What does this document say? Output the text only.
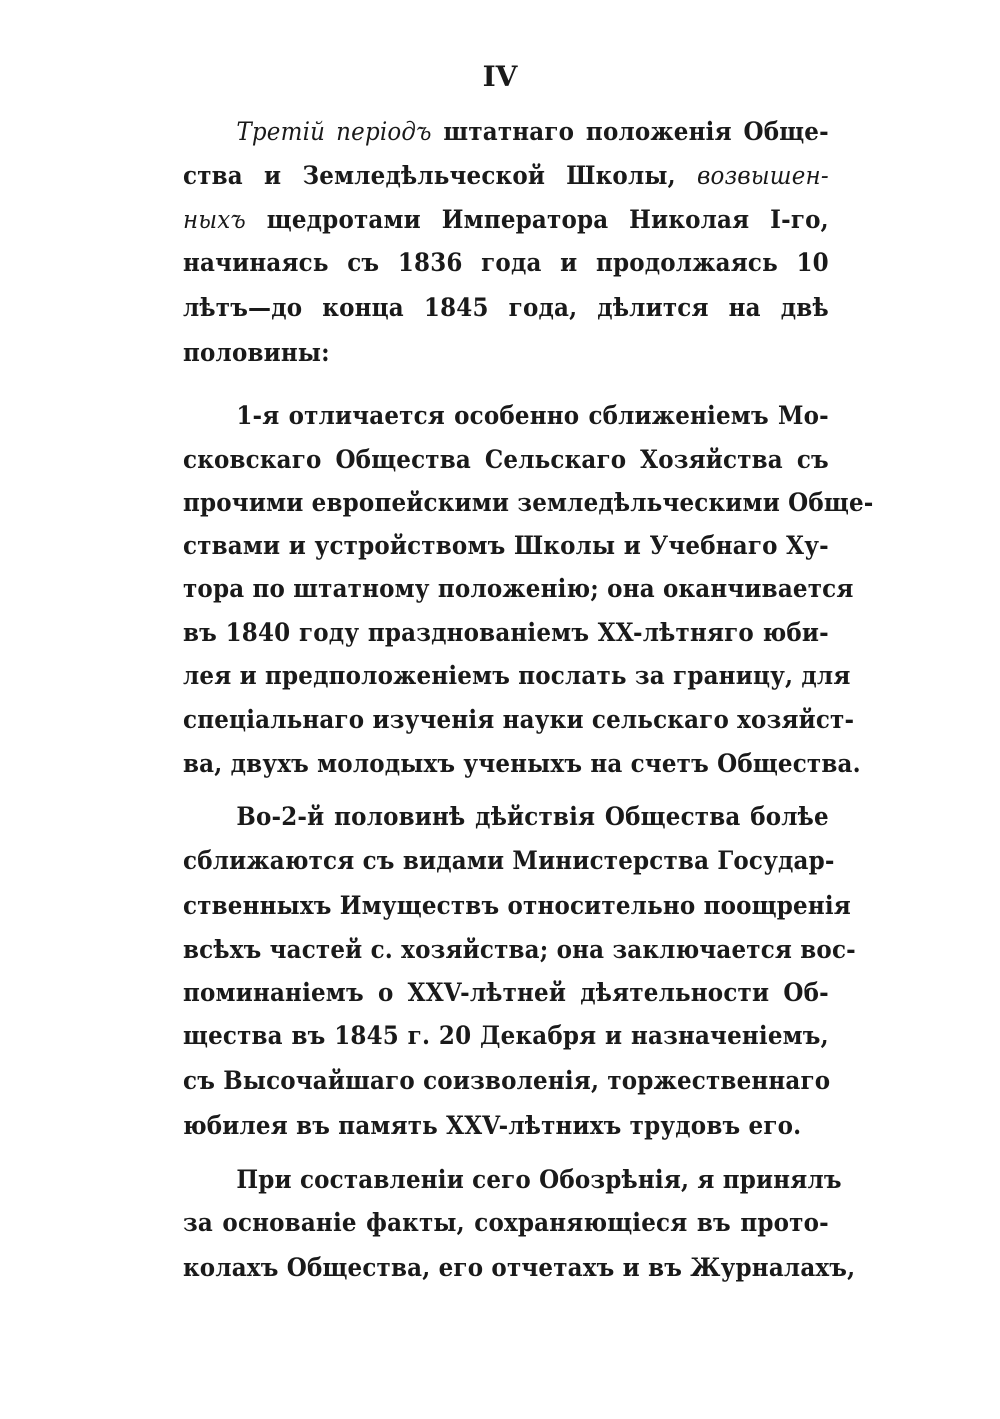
IV
Третій періодъ штатнаго положенія Обще-
ства и Земледѣльческой Школы, возвышен-
ныхъ щедротами Императора Николая I-го,
начинаясь съ 1836 года и продолжаясь 10
лѣтъ—до конца 1845 года, дѣлится на двѣ
половины:
1-я отличается особенно сближеніемъ Мо-
сковскаго Общества Сельскаго Хозяйства съ
прочими европейскими земледѣльческими Обще-
ствами и устройствомъ Школы и Учебнаго Ху-
тора по штатному положенію; она оканчивается
въ 1840 году празднованіемъ XX-лѣтняго юби-
лея и предположеніемъ послать за границу, для
спеціальнаго изученія науки сельскаго хозяйст-
ва, двухъ молодыхъ ученыхъ на счетъ Общества.
Во-2-й половинѣ дѣйствія Общества болѣе
сближаются съ видами Министерства Государ-
ственныхъ Имуществъ относительно поощренія
всѣхъ частей с. хозяйства; она заключается вос-
поминаніемъ о XXV-лѣтней дѣятельности Об-
щества въ 1845 г. 20 Декабря и назначеніемъ,
съ Высочайшаго соизволенія, торжественнаго
юбилея въ память XXV-лѣтнихъ трудовъ его.
При составленіи сего Обозрѣнія, я принялъ
за основаніе факты, сохраняющіеся въ прото-
колахъ Общества, его отчетахъ и въ Журналахъ,
